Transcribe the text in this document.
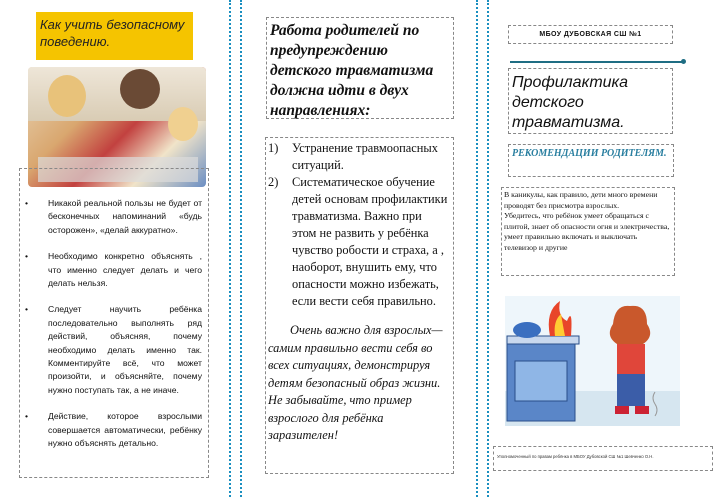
Как учить безопасному поведению.
• Никакой реальной пользы не будет от бесконечных напоминаний «будь осторожен», «делай аккуратно».
• Необходимо конкретно объяснять , что именно следует делать и чего делать нельзя.
• Следует научить ребёнка последовательно выполнять ряд действий, объясняя, почему необходимо делать именно так. Комментируйте всё, что может произойти, и объясняйте, почему нужно поступать так, а не иначе.
• Действие, которое взрослыми совершается автоматически, ребёнку нужно объяснять детально.
Работа родителей по предупреждению детского травматизма должна идти в двух направлениях:
1)	Устранение травмоопасных ситуаций.
2)	Систематическое обучение детей основам профилактики травматизма. Важно при этом не развить у ребёнка чувство робости и страха, а , наоборот, внушить ему, что опасности можно избежать, если вести себя правильно.

Очень важно для взрослых—самим правильно вести себя во всех ситуациях, демонстрируя детям безопасный образ жизни. Не забывайте, что пример взрослого для ребёнка заразителен!

МБОУ ДУБОВСКАЯ СШ №1
Профилактика детского травматизма.
РЕКОМЕНДАЦИИ РОДИТЕЛЯМ.
В каникулы, как правило, дети много времени проводят без присмотра взрослых.
Убедитесь, что ребёнок умеет обращаться с плитой, знает об опасности огня и электричества, умеет правильно включать и выключать телевизор и другие
Уполномоченный по правам ребёнка в МБОУ Дубовской СШ №1 Шевченко О.Н.
